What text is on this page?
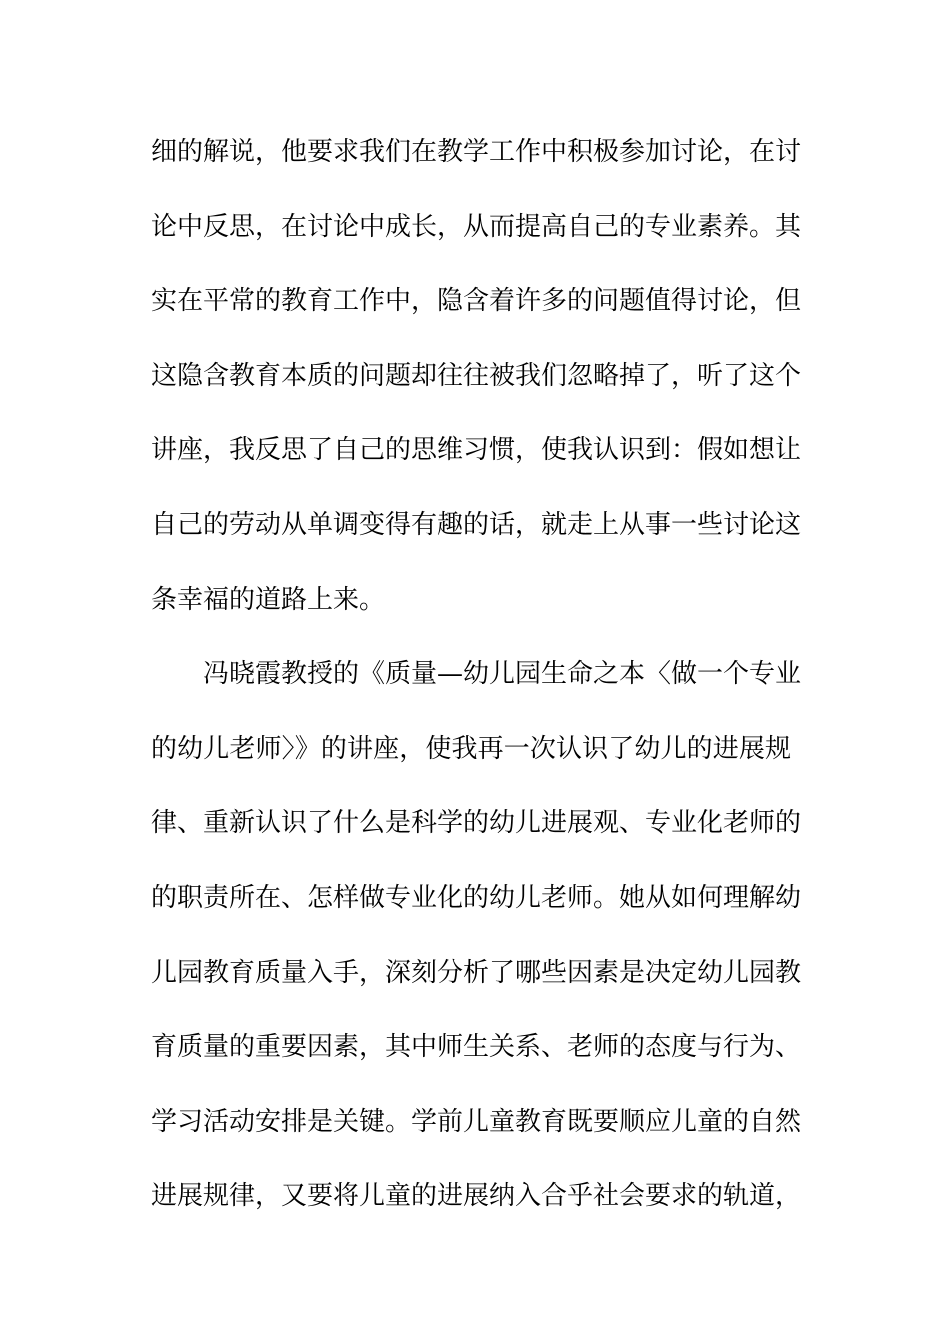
细的解说，他要求我们在教学工作中积极参加讨论，在讨
论中反思，在讨论中成长，从而提高自己的专业素养。其
实在平常的教育工作中，隐含着许多的问题值得讨论，但
这隐含教育本质的问题却往往被我们忽略掉了，听了这个
讲座，我反思了自己的思维习惯，使我认识到：假如想让
自己的劳动从单调变得有趣的话，就走上从事一些讨论这
条幸福的道路上来。
冯晓霞教授的《质量—幼儿园生命之本〈做一个专业
的幼儿老师〉》的讲座，使我再一次认识了幼儿的进展规
律、重新认识了什么是科学的幼儿进展观、专业化老师的
的职责所在、怎样做专业化的幼儿老师。她从如何理解幼
儿园教育质量入手，深刻分析了哪些因素是决定幼儿园教
育质量的重要因素，其中师生关系、老师的态度与行为、
学习活动安排是关键。学前儿童教育既要顺应儿童的自然
进展规律，又要将儿童的进展纳入合乎社会要求的轨道，
